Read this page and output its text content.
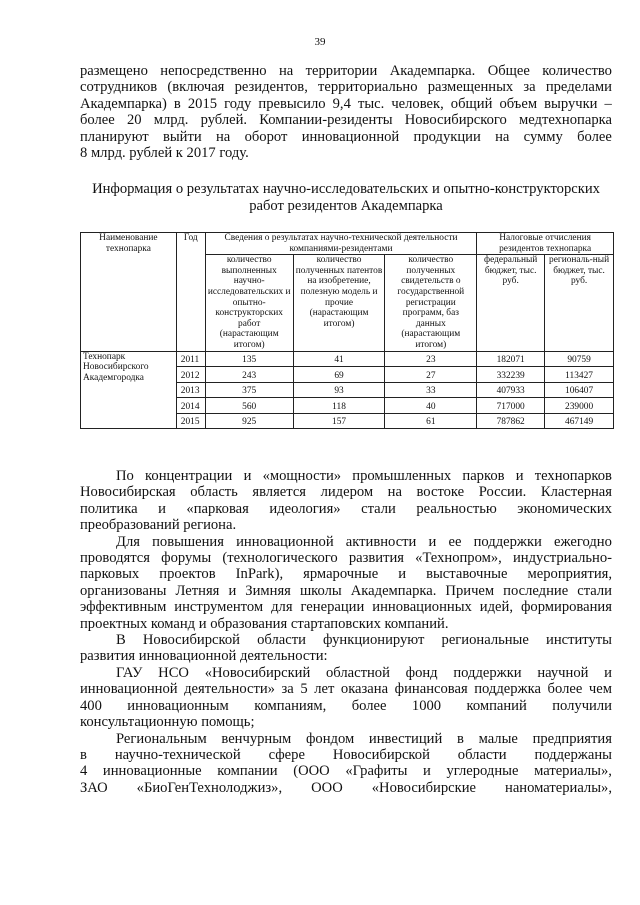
39
размещено непосредственно на территории Академпарка. Общее количество
сотрудников (включая резидентов, территориально размещенных за пределами
Академпарка) в 2015 году превысило 9,4 тыс. человек, общий объем выручки –
более 20 млрд. рублей. Компании-резиденты Новосибирского медтехнопарка
планируют выйти на оборот инновационной продукции на сумму более
8 млрд. рублей к 2017 году.
Информация о результатах научно-исследовательских и опытно-конструкторских
работ резидентов Академпарка
Наименование технопарка	Год	Сведения о результатах научно-технической деятельности компаниями-резидентами			Налоговые отчисления резидентов технопарка	
		количество выполненных научно-исследовательских и опытно-конструкторских работ (нарастающим итогом)	количество полученных патентов на изобретение, полезную модель и прочие (нарастающим итогом)	количество полученных свидетельств о государственной регистрации программ, баз данных (нарастающим итогом)	федеральный бюджет, тыс. руб.	региональ-ный бюджет, тыс. руб.
Технопарк Новосибирского Академгородка	2011	135	41	23	182071	90759
	2012	243	69	27	332239	113427
	2013	375	93	33	407933	106407
	2014	560	118	40	717000	239000
	2015	925	157	61	787862	467149
По концентрации и «мощности» промышленных парков и технопарков
Новосибирская область является лидером на востоке России. Кластерная
политика и «парковая идеология» стали реальностью экономических
преобразований региона.
Для повышения инновационной активности и ее поддержки ежегодно
проводятся форумы (технологического развития «Технопром», индустриально-
парковых проектов InPark), ярмарочные и выставочные мероприятия,
организованы Летняя и Зимняя школы Академпарка. Причем последние стали
эффективным инструментом для генерации инновационных идей, формирования
проектных команд и образования стартаповских компаний.
В Новосибирской области функционируют региональные институты
развития инновационной деятельности:
ГАУ НСО «Новосибирский областной фонд поддержки научной и
инновационной деятельности» за 5 лет оказана финансовая поддержка более чем
400 инновационным компаниям, более 1000 компаний получили
консультационную помощь;
Региональным венчурным фондом инвестиций в малые предприятия
в научно-технической сфере Новосибирской области поддержаны
4 инновационные компании (ООО «Графиты и углеродные материалы»,
ЗАО «БиоГенТехнолоджиз», ООО «Новосибирские наноматериалы»,
